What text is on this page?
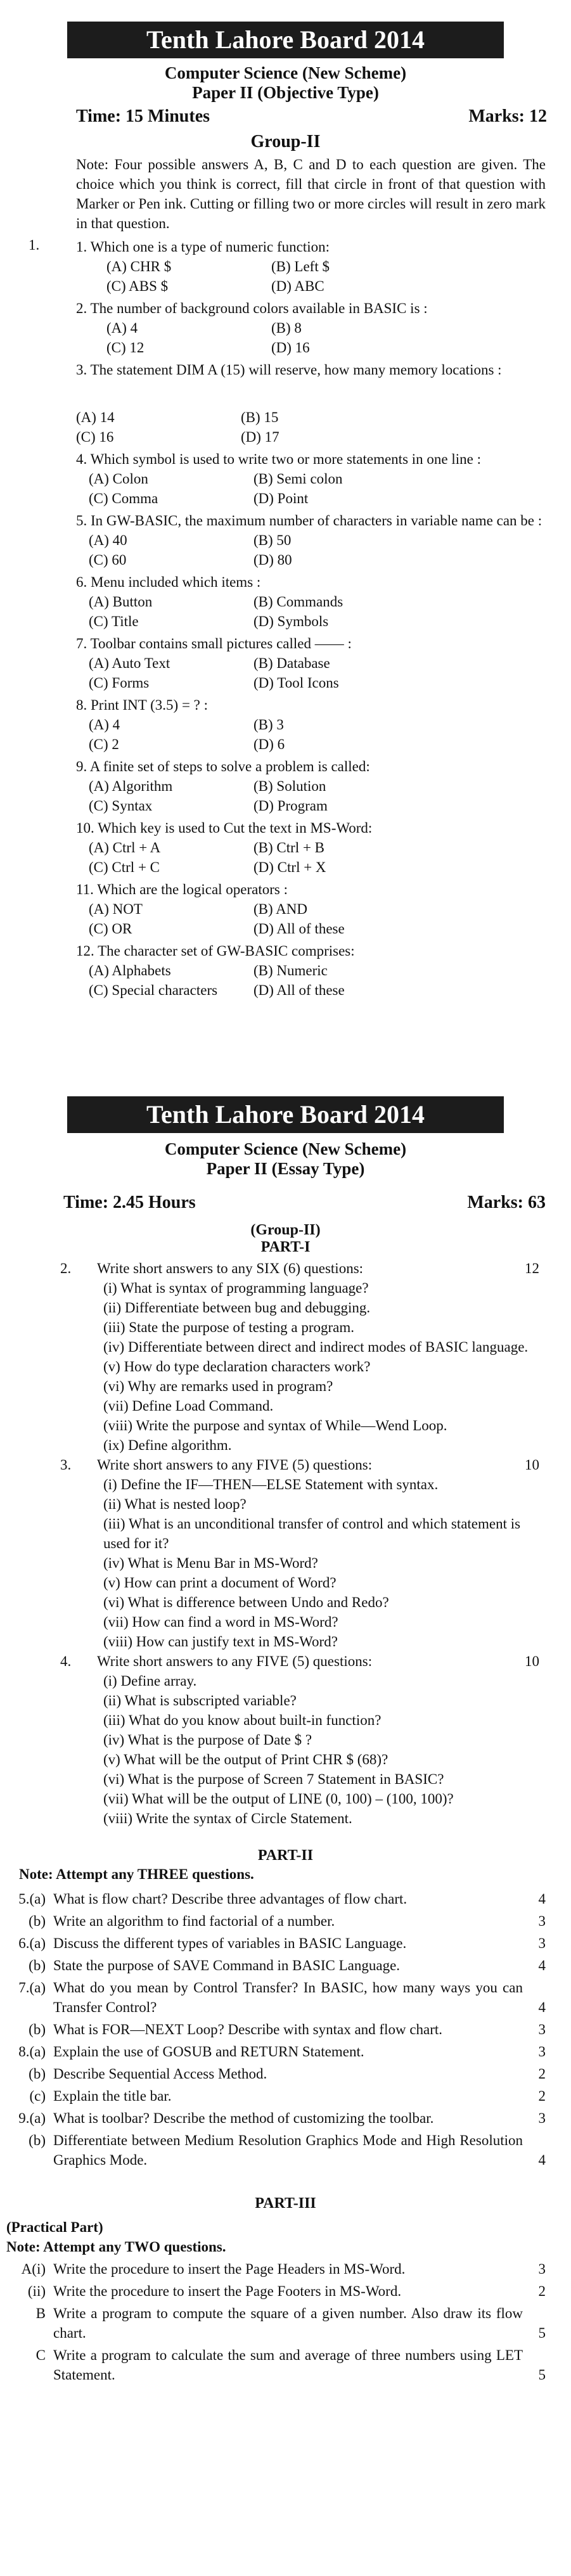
Tenth Lahore Board 2014
Computer Science (New Scheme)
Paper II (Objective Type)
Time: 15 Minutes	Marks: 12
Group-II
Note: Four possible answers A, B, C and D to each question are given. The choice which you think is correct, fill that circle in front of that question with Marker or Pen ink. Cutting or filling two or more circles will result in zero mark in that question.
1.	1. Which one is a type of numeric function:
(A) CHR $	(B) Left $
(C) ABS $	(D) ABC
2. The number of background colors available in BASIC is :
(A) 4	(B) 8
(C) 12	(D) 16
3. The statement DIM A (15) will reserve, how many memory locations :
(A) 14	(B) 15
(C) 16	(D) 17
4. Which symbol is used to write two or more statements in one line :
(A) Colon	(B) Semi colon
(C) Comma	(D) Point
5. In GW-BASIC, the maximum number of characters in variable name can be :
(A) 40	(B) 50
(C) 60	(D) 80
6. Menu included which items :
(A) Button	(B) Commands
(C) Title	(D) Symbols
7. Toolbar contains small pictures called —— :
(A) Auto Text	(B) Database
(C) Forms	(D) Tool Icons
8. Print INT (3.5) = ? :
(A) 4	(B) 3
(C) 2	(D) 6
9. A finite set of steps to solve a problem is called:
(A) Algorithm	(B) Solution
(C) Syntax	(D) Program
10. Which key is used to Cut the text in MS-Word:
(A) Ctrl + A	(B) Ctrl + B
(C) Ctrl + C	(D) Ctrl + X
11. Which are the logical operators :
(A) NOT	(B) AND
(C) OR	(D) All of these
12. The character set of GW-BASIC comprises:
(A) Alphabets	(B) Numeric
(C) Special characters	(D) All of these
Tenth Lahore Board 2014
Computer Science (New Scheme)
Paper II (Essay Type)
Time: 2.45 Hours	Marks: 63
(Group-II)
PART-I
2. Write short answers to any SIX (6) questions:	12
(i) What is syntax of programming language?
(ii) Differentiate between bug and debugging.
(iii) State the purpose of testing a program.
(iv) Differentiate between direct and indirect modes of BASIC language.
(v) How do type declaration characters work?
(vi) Why are remarks used in program?
(vii) Define Load Command.
(viii) Write the purpose and syntax of While—Wend Loop.
(ix) Define algorithm.
3. Write short answers to any FIVE (5) questions:	10
(i) Define the IF—THEN—ELSE Statement with syntax.
(ii) What is nested loop?
(iii) What is an unconditional transfer of control and which statement is used for it?
(iv) What is Menu Bar in MS-Word?
(v) How can print a document of Word?
(vi) What is difference between Undo and Redo?
(vii) How can find a word in MS-Word?
(viii) How can justify text in MS-Word?
4. Write short answers to any FIVE (5) questions:	10
(i) Define array.
(ii) What is subscripted variable?
(iii) What do you know about built-in function?
(iv) What is the purpose of Date $ ?
(v) What will be the output of Print CHR $ (68)?
(vi) What is the purpose of Screen 7 Statement in BASIC?
(vii) What will be the output of LINE (0, 100) – (100, 100)?
(viii) Write the syntax of Circle Statement.
PART-II
Note: Attempt any THREE questions.
5.(a) What is flow chart? Describe three advantages of flow chart.	4
(b) Write an algorithm to find factorial of a number.	3
6.(a) Discuss the different types of variables in BASIC Language.	3
(b) State the purpose of SAVE Command in BASIC Language.	4
7.(a) What do you mean by Control Transfer? In BASIC, how many ways you can Transfer Control?	4
(b) What is FOR—NEXT Loop? Describe with syntax and flow chart.	3
8.(a) Explain the use of GOSUB and RETURN Statement.	3
(b) Describe Sequential Access Method.	2
(c) Explain the title bar.	2
9.(a) What is toolbar? Describe the method of customizing the toolbar.	3
(b) Differentiate between Medium Resolution Graphics Mode and High Resolution Graphics Mode.	4
PART-III
(Practical Part)
Note: Attempt any TWO questions.
A(i) Write the procedure to insert the Page Headers in MS-Word.	3
(ii) Write the procedure to insert the Page Footers in MS-Word.	2
B Write a program to compute the square of a given number. Also draw its flow chart.	5
C Write a program to calculate the sum and average of three numbers using LET Statement.	5
